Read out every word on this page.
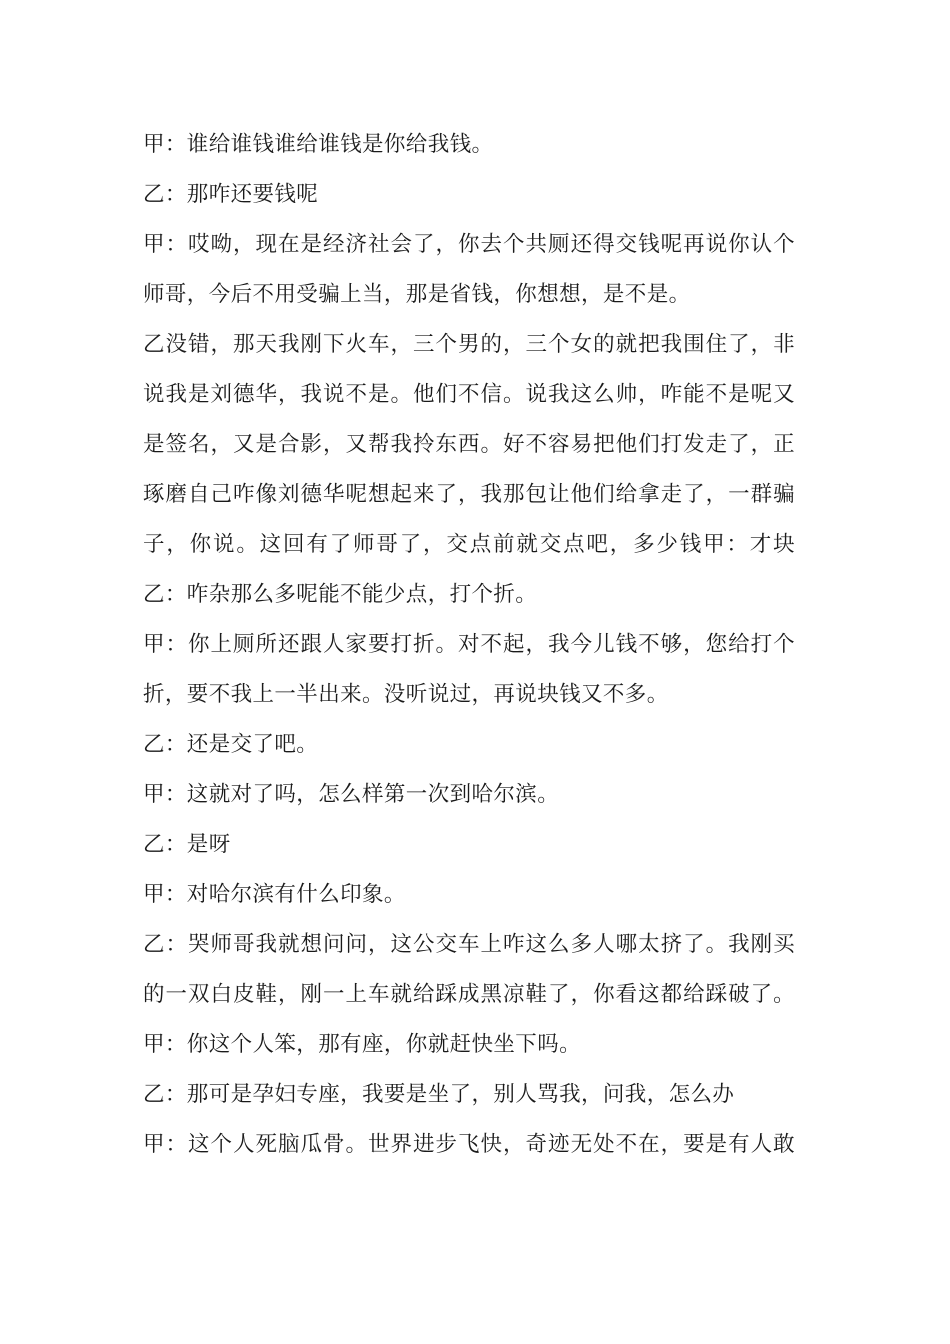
甲：谁给谁钱谁给谁钱是你给我钱。
乙：那咋还要钱呢
甲：哎呦，现在是经济社会了，你去个共厕还得交钱呢再说你认个
师哥，今后不用受骗上当，那是省钱，你想想，是不是。
乙没错，那天我刚下火车，三个男的，三个女的就把我围住了，非
说我是刘德华，我说不是。他们不信。说我这么帅，咋能不是呢又
是签名，又是合影，又帮我拎东西。好不容易把他们打发走了，正
琢磨自己咋像刘德华呢想起来了，我那包让他们给拿走了，一群骗
子，你说。这回有了师哥了，交点前就交点吧，多少钱甲：才块
乙：咋杂那么多呢能不能少点，打个折。
甲：你上厕所还跟人家要打折。对不起，我今儿钱不够，您给打个
折，要不我上一半出来。没听说过，再说块钱又不多。
乙：还是交了吧。
甲：这就对了吗，怎么样第一次到哈尔滨。
乙：是呀
甲：对哈尔滨有什么印象。
乙：哭师哥我就想问问，这公交车上咋这么多人哪太挤了。我刚买
的一双白皮鞋，刚一上车就给踩成黑凉鞋了，你看这都给踩破了。
甲：你这个人笨，那有座，你就赶快坐下吗。
乙：那可是孕妇专座，我要是坐了，别人骂我，问我，怎么办
甲：这个人死脑瓜骨。世界进步飞快，奇迹无处不在，要是有人敢
